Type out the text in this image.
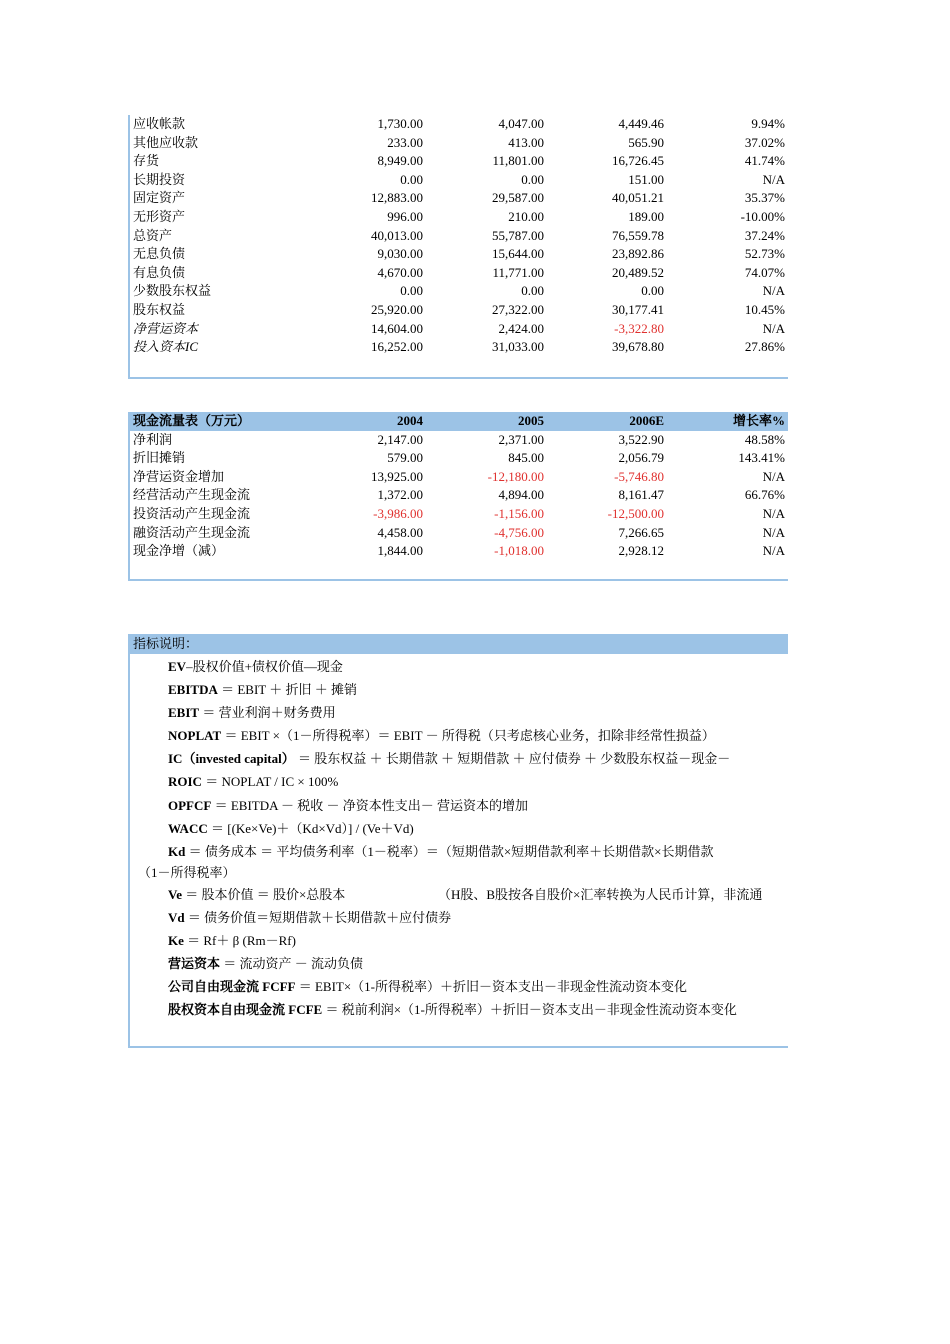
应收帐款	1,730.00	4,047.00	4,449.46	9.94%
其他应收款	233.00	413.00	565.90	37.02%
存货	8,949.00	11,801.00	16,726.45	41.74%
长期投资	0.00	0.00	151.00	N/A
固定资产	12,883.00	29,587.00	40,051.21	35.37%
无形资产	996.00	210.00	189.00	-10.00%
总资产	40,013.00	55,787.00	76,559.78	37.24%
无息负债	9,030.00	15,644.00	23,892.86	52.73%
有息负债	4,670.00	11,771.00	20,489.52	74.07%
少数股东权益	0.00	0.00	0.00	N/A
股东权益	25,920.00	27,322.00	30,177.41	10.45%
净营运资本	14,604.00	2,424.00	-3,322.80	N/A
投入资本IC	16,252.00	31,033.00	39,678.80	27.86%
现金流量表（万元）	2004	2005	2006E	增长率%
净利润	2,147.00	2,371.00	3,522.90	48.58%
折旧摊销	579.00	845.00	2,056.79	143.41%
净营运资金增加	13,925.00	-12,180.00	-5,746.80	N/A
经营活动产生现金流	1,372.00	4,894.00	8,161.47	66.76%
投资活动产生现金流	-3,986.00	-1,156.00	-12,500.00	N/A
融资活动产生现金流	4,458.00	-4,756.00	7,266.65	N/A
现金净增（减）	1,844.00	-1,018.00	2,928.12	N/A
指标说明：
EV–股权价值+债权价值—现金
EBITDA ＝ EBIT ＋ 折旧 ＋ 摊销
EBIT ＝ 营业利润＋财务费用
NOPLAT ＝ EBIT ×（1－所得税率）＝ EBIT － 所得税（只考虑核心业务，扣除非经常性损益）
IC（invested capital） ＝ 股东权益 ＋ 长期借款 ＋ 短期借款 ＋ 应付债券 ＋ 少数股东权益－现金－
ROIC ＝ NOPLAT / IC × 100%
OPFCF ＝ EBITDA － 税收 － 净资本性支出－ 营运资本的增加
WACC ＝ [(Ke×Ve)＋（Kd×Vd）] / (Ve＋Vd)
Kd ＝ 债务成本 ＝ 平均债务利率（1－税率）＝（短期借款×短期借款利率＋长期借款×长期借款
（1－所得税率）
Ve ＝ 股本价值 ＝ 股价×总股本	（H股、B股按各自股价×汇率转换为人民币计算，非流通
Vd ＝ 债务价值＝短期借款＋长期借款＋应付债券
Ke ＝ Rf＋ β (Rm－Rf)
营运资本 ＝ 流动资产 － 流动负债
公司自由现金流 FCFF ＝ EBIT×（1-所得税率）＋折旧－资本支出－非现金性流动资本变化
股权资本自由现金流 FCFE ＝ 税前利润×（1-所得税率）＋折旧－资本支出－非现金性流动资本变化
